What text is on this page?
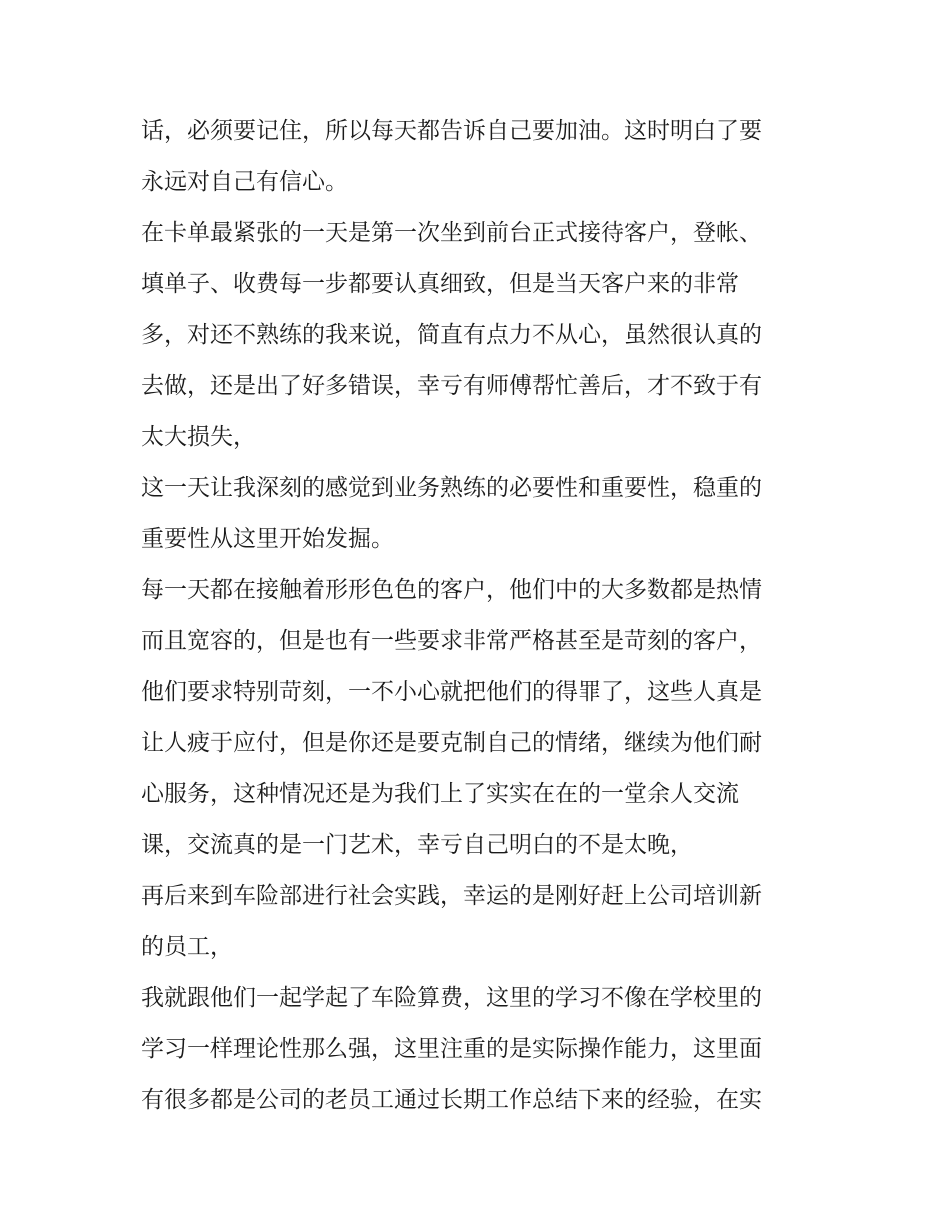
话，必须要记住，所以每天都告诉自己要加油。这时明白了要
永远对自己有信心。
在卡单最紧张的一天是第一次坐到前台正式接待客户，登帐、
填单子、收费每一步都要认真细致，但是当天客户来的非常
多，对还不熟练的我来说，简直有点力不从心，虽然很认真的
去做，还是出了好多错误，幸亏有师傅帮忙善后，才不致于有
太大损失，
这一天让我深刻的感觉到业务熟练的必要性和重要性，稳重的
重要性从这里开始发掘。
每一天都在接触着形形色色的客户，他们中的大多数都是热情
而且宽容的，但是也有一些要求非常严格甚至是苛刻的客户，
他们要求特别苛刻，一不小心就把他们的得罪了，这些人真是
让人疲于应付，但是你还是要克制自己的情绪，继续为他们耐
心服务，这种情况还是为我们上了实实在在的一堂余人交流
课，交流真的是一门艺术，幸亏自己明白的不是太晚，
再后来到车险部进行社会实践，幸运的是刚好赶上公司培训新
的员工，
我就跟他们一起学起了车险算费，这里的学习不像在学校里的
学习一样理论性那么强，这里注重的是实际操作能力，这里面
有很多都是公司的老员工通过长期工作总结下来的经验，在实
